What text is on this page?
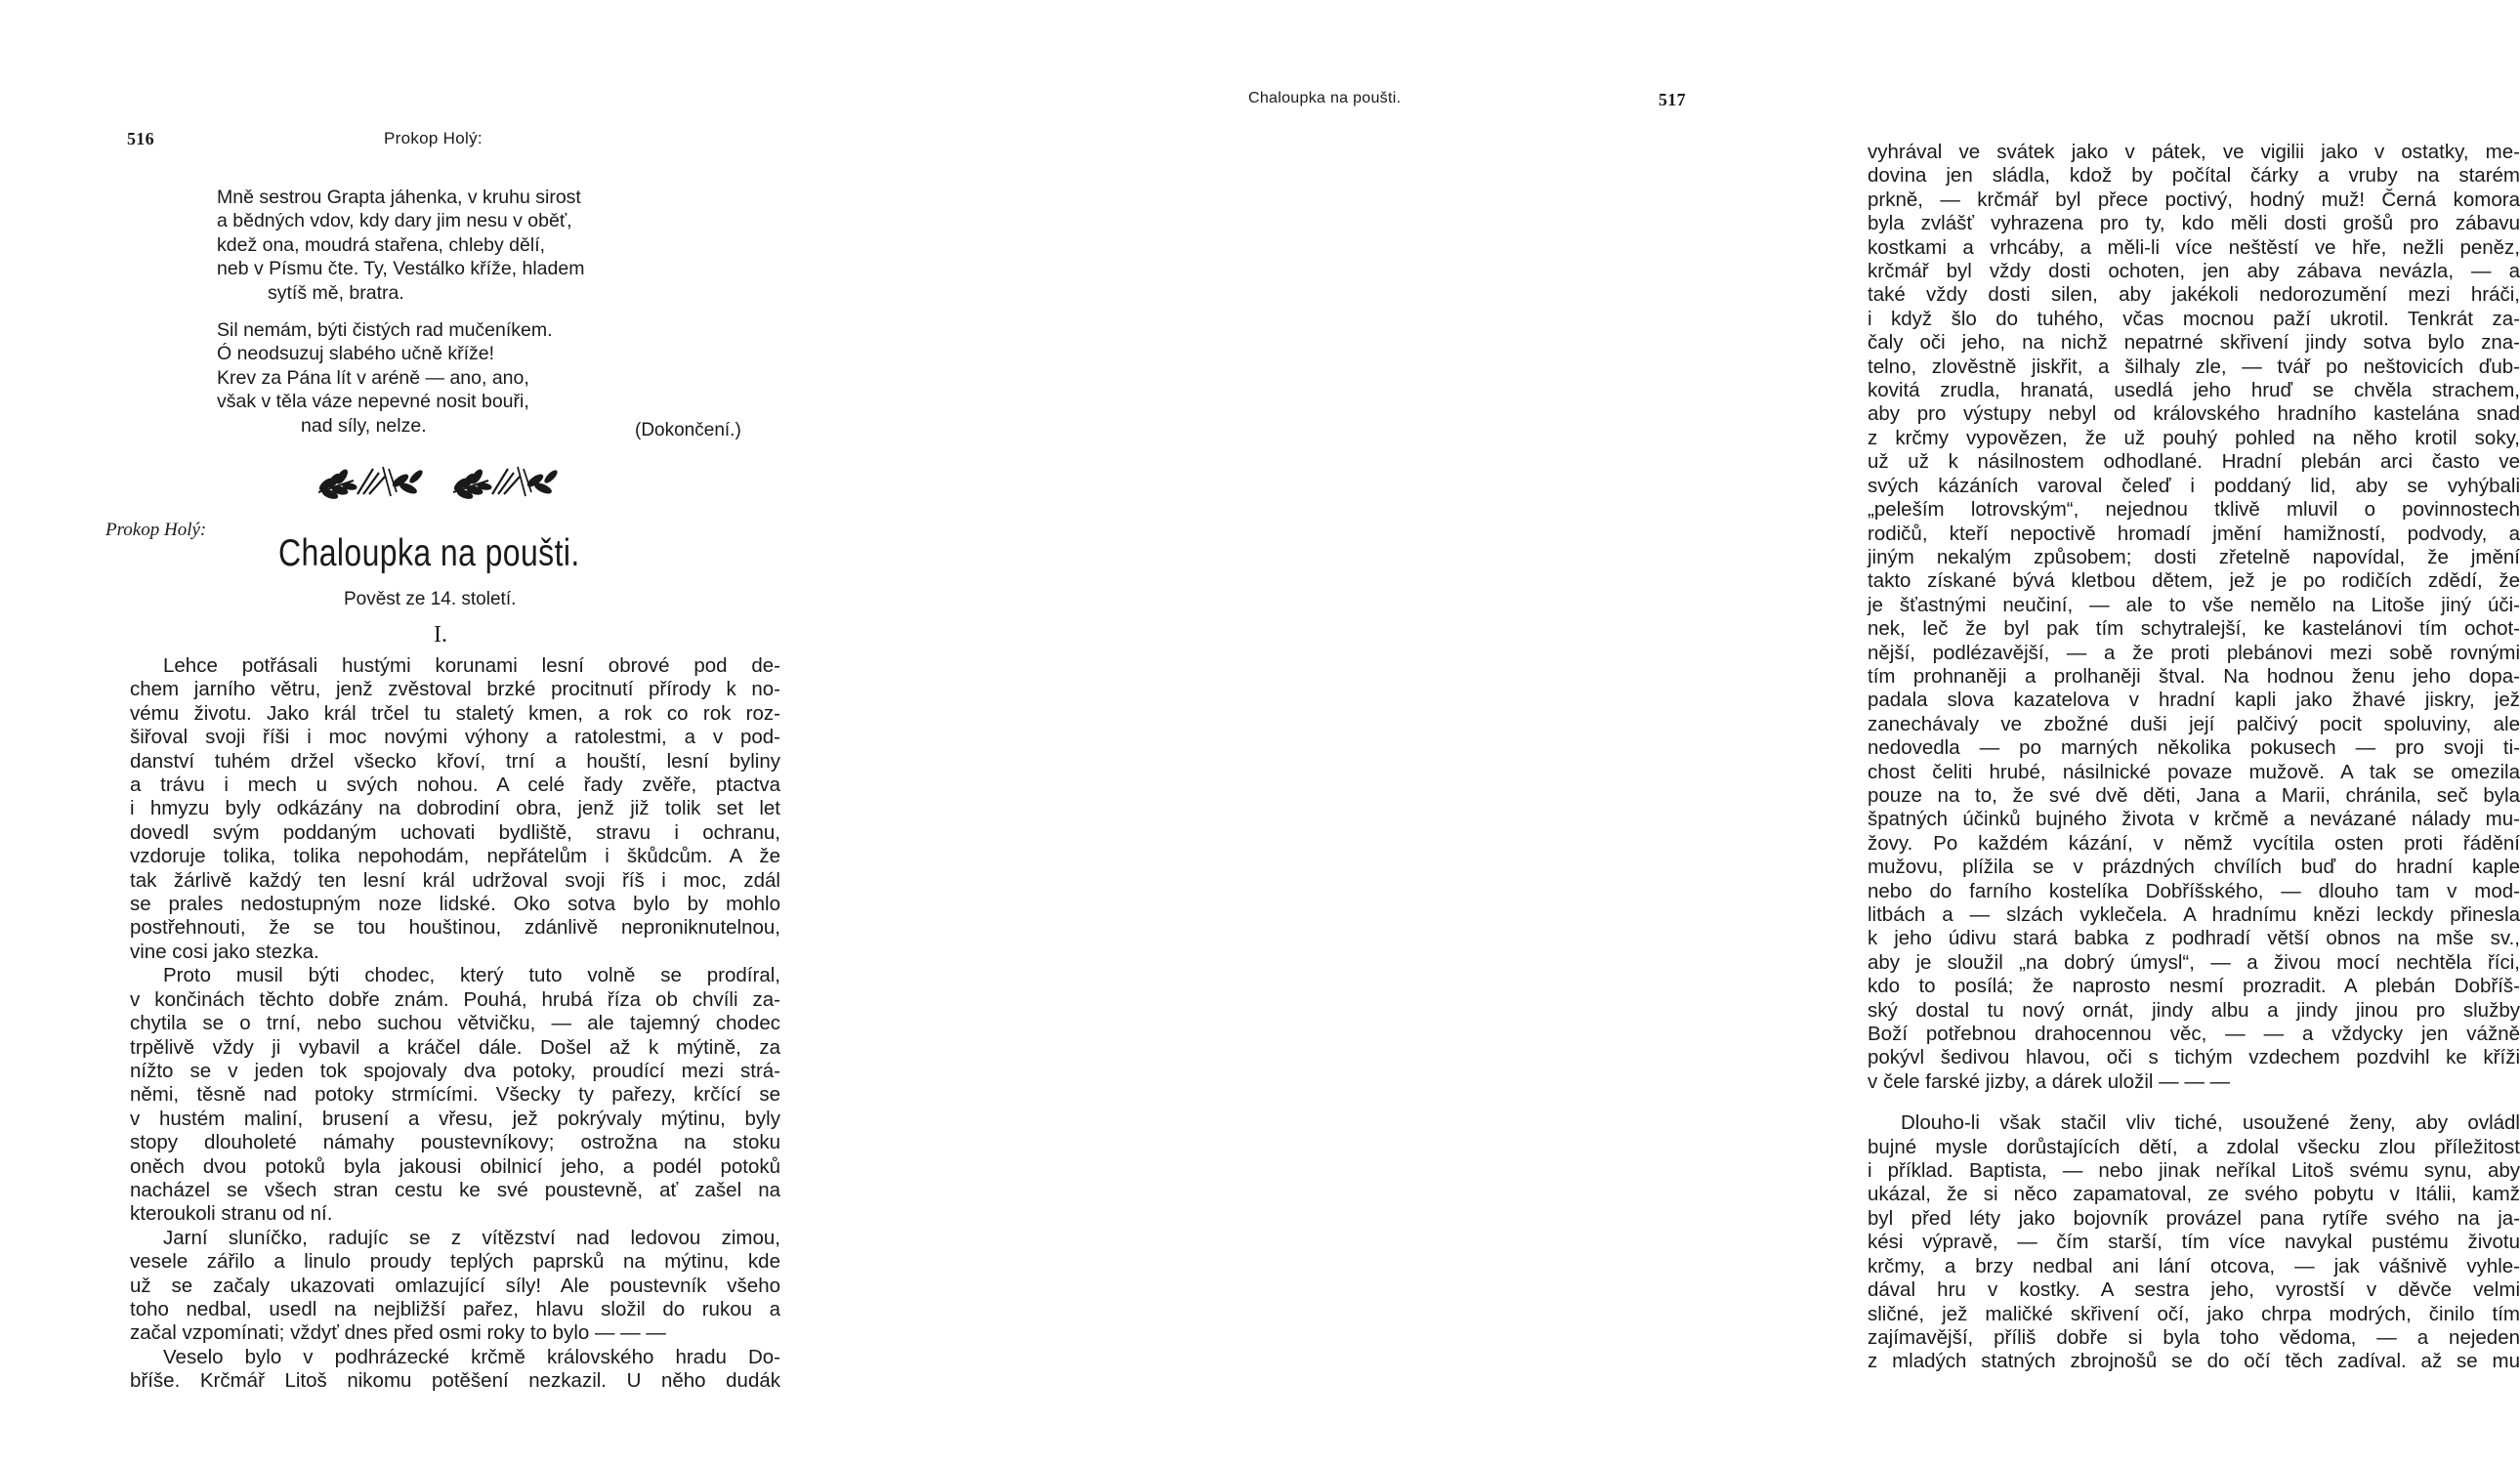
516	Prokop Holý:
Mně sestrou Grapta jáhenka, v kruhu sirost
a bědných vdov, kdy dary jim nesu v oběť,
kdež ona, moudrá stařena, chleby dělí,
neb v Písmu čte. Ty, Vestálko kříže, hladem
sytíš mě, bratra.
Sil nemám, býti čistých rad mučeníkem.
Ó neodsuzuj slabého učně kříže!
Krev za Pána lít v aréně — ano, ano,
však v těla váze nepevné nosit bouři,
nad síly, nelze.	(Dokončení.)
Prokop Holý:
Chaloupka na poušti.
Pověst ze 14. století.
I.
Lehce potřásali hustými korunami lesní obrové pod de-
chem jarního větru, jenž zvěstoval brzké procitnutí přírody k no-
vému životu. Jako král trčel tu staletý kmen, a rok co rok roz-
šiřoval svoji říši i moc novými výhony a ratolestmi, a v pod-
danství tuhém držel všecko křoví, trní a houští, lesní byliny
a trávu i mech u svých nohou. A celé řady zvěře, ptactva
i hmyzu byly odkázány na dobrodiní obra, jenž již tolik set let
dovedl svým poddaným uchovati bydliště, stravu i ochranu,
vzdoruje tolika, tolika nepohodám, nepřátelům i škůdcům. A že
tak žárlivě každý ten lesní král udržoval svoji říš i moc, zdál
se prales nedostupným noze lidské. Oko sotva bylo by mohlo
postřehnouti, že se tou houštinou, zdánlivě neproniknutelnou,
vine cosi jako stezka.
Proto musil býti chodec, který tuto volně se prodíral,
v končinách těchto dobře znám. Pouhá, hrubá říza ob chvíli za-
chytila se o trní, nebo suchou větvičku, — ale tajemný chodec
trpělivě vždy ji vybavil a kráčel dále. Došel až k mýtině, za
nížto se v jeden tok spojovaly dva potoky, proudící mezi strá-
němi, těsně nad potoky strmícími. Všecky ty pařezy, krčící se
v hustém maliní, brusení a vřesu, jež pokrývaly mýtinu, byly
stopy dlouholeté námahy poustevníkovy; ostrožna na stoku
oněch dvou potoků byla jakousi obilnicí jeho, a podél potoků
nacházel se všech stran cestu ke své poustevně, ať zašel na
kteroukoli stranu od ní.
Jarní sluníčko, radujíc se z vítězství nad ledovou zimou,
vesele zářilo a linulo proudy teplých paprsků na mýtinu, kde
už se začaly ukazovati omlazující síly! Ale poustevník všeho
toho nedbal, usedl na nejbližší pařez, hlavu složil do rukou a
začal vzpomínati; vždyť dnes před osmi roky to bylo — — —
Veselo bylo v podhrázecké krčmě královského hradu Do-
bříše. Krčmář Litoš nikomu potěšení nezkazil. U něho dudák
Chaloupka na poušti.	517
vyhrával ve svátek jako v pátek, ve vigilii jako v ostatky, me-
dovina jen sládla, kdož by počítal čárky a vruby na starém
prkně, — krčmář byl přece poctivý, hodný muž! Černá komora
byla zvlášť vyhrazena pro ty, kdo měli dosti grošů pro zábavu
kostkami a vrhcáby, a měli-li více neštěstí ve hře, nežli peněz,
krčmář byl vždy dosti ochoten, jen aby zábava nevázla, — a
také vždy dosti silen, aby jakékoli nedorozumění mezi hráči,
i když šlo do tuhého, včas mocnou paží ukrotil. Tenkrát za-
čaly oči jeho, na nichž nepatrné skřivení jindy sotva bylo zna-
telno, zlověstně jiskřit, a šilhaly zle, — tvář po neštovicích ďub-
kovitá zrudla, hranatá, usedlá jeho hruď se chvěla strachem,
aby pro výstupy nebyl od královského hradního kastelána snad
z krčmy vypovězen, že už pouhý pohled na něho krotil soky,
už už k násilnostem odhodlané. Hradní plebán arci často ve
svých kázáních varoval čeleď i poddaný lid, aby se vyhýbali
„peleším lotrovským“, nejednou tklivě mluvil o povinnostech
rodičů, kteří nepoctivě hromadí jmění hamižností, podvody, a
jiným nekalým způsobem; dosti zřetelně napovídal, že jmění
takto získané bývá kletbou dětem, jež je po rodičích zdědí, že
je šťastnými neučiní, — ale to vše nemělo na Litoše jiný úči-
nek, leč že byl pak tím schytralejší, ke kastelánovi tím ochot-
nější, podlézavější, — a že proti plebánovi mezi sobě rovnými
tím prohnaněji a prolhaněji štval. Na hodnou ženu jeho dopa-
padala slova kazatelova v hradní kapli jako žhavé jiskry, jež
zanechávaly ve zbožné duši její palčivý pocit spoluviny, ale
nedovedla — po marných několika pokusech — pro svoji ti-
chost čeliti hrubé, násilnické povaze mužově. A tak se omezila
pouze na to, že své dvě děti, Jana a Marii, chránila, seč byla
špatných účinků bujného života v krčmě a nevázané nálady mu-
žovy. Po každém kázání, v němž vycítila osten proti řádění
mužovu, plížila se v prázdných chvílích buď do hradní kaple
nebo do farního kostelíka Dobříšského, — dlouho tam v mod-
litbách a — slzách vyklečela. A hradnímu knězi leckdy přinesla
k jeho údivu stará babka z podhradí větší obnos na mše sv.,
aby je sloužil „na dobrý úmysl“, — a živou mocí nechtěla říci,
kdo to posílá; že naprosto nesmí prozradit. A plebán Dobříš-
ský dostal tu nový ornát, jindy albu a jindy jinou pro služby
Boží potřebnou drahocennou věc, — — a vždycky jen vážně
pokývl šedivou hlavou, oči s tichým vzdechem pozdvihl ke kříži
v čele farské jizby, a dárek uložil — — —
Dlouho-li však stačil vliv tiché, usoužené ženy, aby ovládl
bujné mysle dorůstajících dětí, a zdolal všecku zlou příležitost
i příklad. Baptista, — nebo jinak neříkal Litoš svému synu, aby
ukázal, že si něco zapamatoval, ze svého pobytu v Itálii, kamž
byl před léty jako bojovník provázel pana rytíře svého na ja-
kési výpravě, — čím starší, tím více navykal pustému životu
krčmy, a brzy nedbal ani lání otcova, — jak vášnivě vyhle-
dával hru v kostky. A sestra jeho, vyrostší v děvče velmi
sličné, jež maličké skřivení očí, jako chrpa modrých, činilo tím
zajímavější, příliš dobře si byla toho vědoma, — a nejeden
z mladých statných zbrojnošů se do očí těch zadíval. až se mu
